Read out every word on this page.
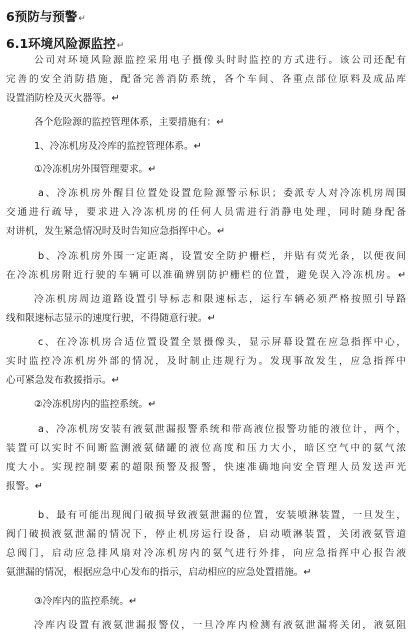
6预防与预警↵
6.1环境风险源监控↵
公司对环境风险源监控采用电子摄像头时时监控的方式进行。该公司还配有
完善的安全消防措施，配备完善消防系统，各个车间、各重点部位原料及成品库
设置消防栓及灭火器等。↵
各个危险源的监控管理体系，主要措施有：↵
1、冷冻机房及冷库的监控管理体系。↵
①冷冻机房外围管理要求。↵
a、冷冻机房外醒目位置处设置危险源警示标识；委派专人对冷冻机房周围
交通进行疏导，要求进入冷冻机房的任何人员需进行消静电处理，同时随身配备
对讲机，发生紧急情况时及时告知应急指挥中心。↵
b、冷冻机房外围一定距离，设置安全防护栅栏，并贴有荧光条，以便夜间
在冷冻机房附近行驶的车辆可以准确辨别防护栅栏的位置，避免误入冷冻机房。↵
冷冻机房周边道路设置引导标志和限速标志，运行车辆必须严格按照引导路
线和限速标志显示的速度行驶，不得随意行驶。↵
c、在冷冻机房合适位置设置全景摄像头，显示屏幕设置在应急指挥中心，
实时监控冷冻机房外部的情况，及时制止违规行为。发现事故发生，应急指挥中
心可紧急发布救援指示。↵
②冷冻机房内的监控系统。↵
a、冷冻机房安装有液氨泄漏报警系统和带高液位报警功能的液位计，两个，
装置可以实时不间断监测液氨储罐的液位高度和压力大小，暗区空气中的氨气浓
度大小。实现控制要素的超限预警及报警，快速准确地向安全管理人员发送声光
报警。↵
b、最有可能出现阀门破损导致液氨泄漏的位置，安装喷淋装置，一旦发生，
阀门破损液氨泄漏的情况下，停止机房运行设备，启动喷淋装置，关闭液氨管道
总阀门，启动应急排风扇对冷冻机房内的氨气进行外排，向应急指挥中心报告液
氨泄漏的情况，根据应急中心发布的指示，启动相应的应急处置措施。↵
③冷库内的监控系统。↵
冷库内设置有液氨泄漏报警仪，一旦冷库内检测有液氨泄漏将关闭，液氨阻
